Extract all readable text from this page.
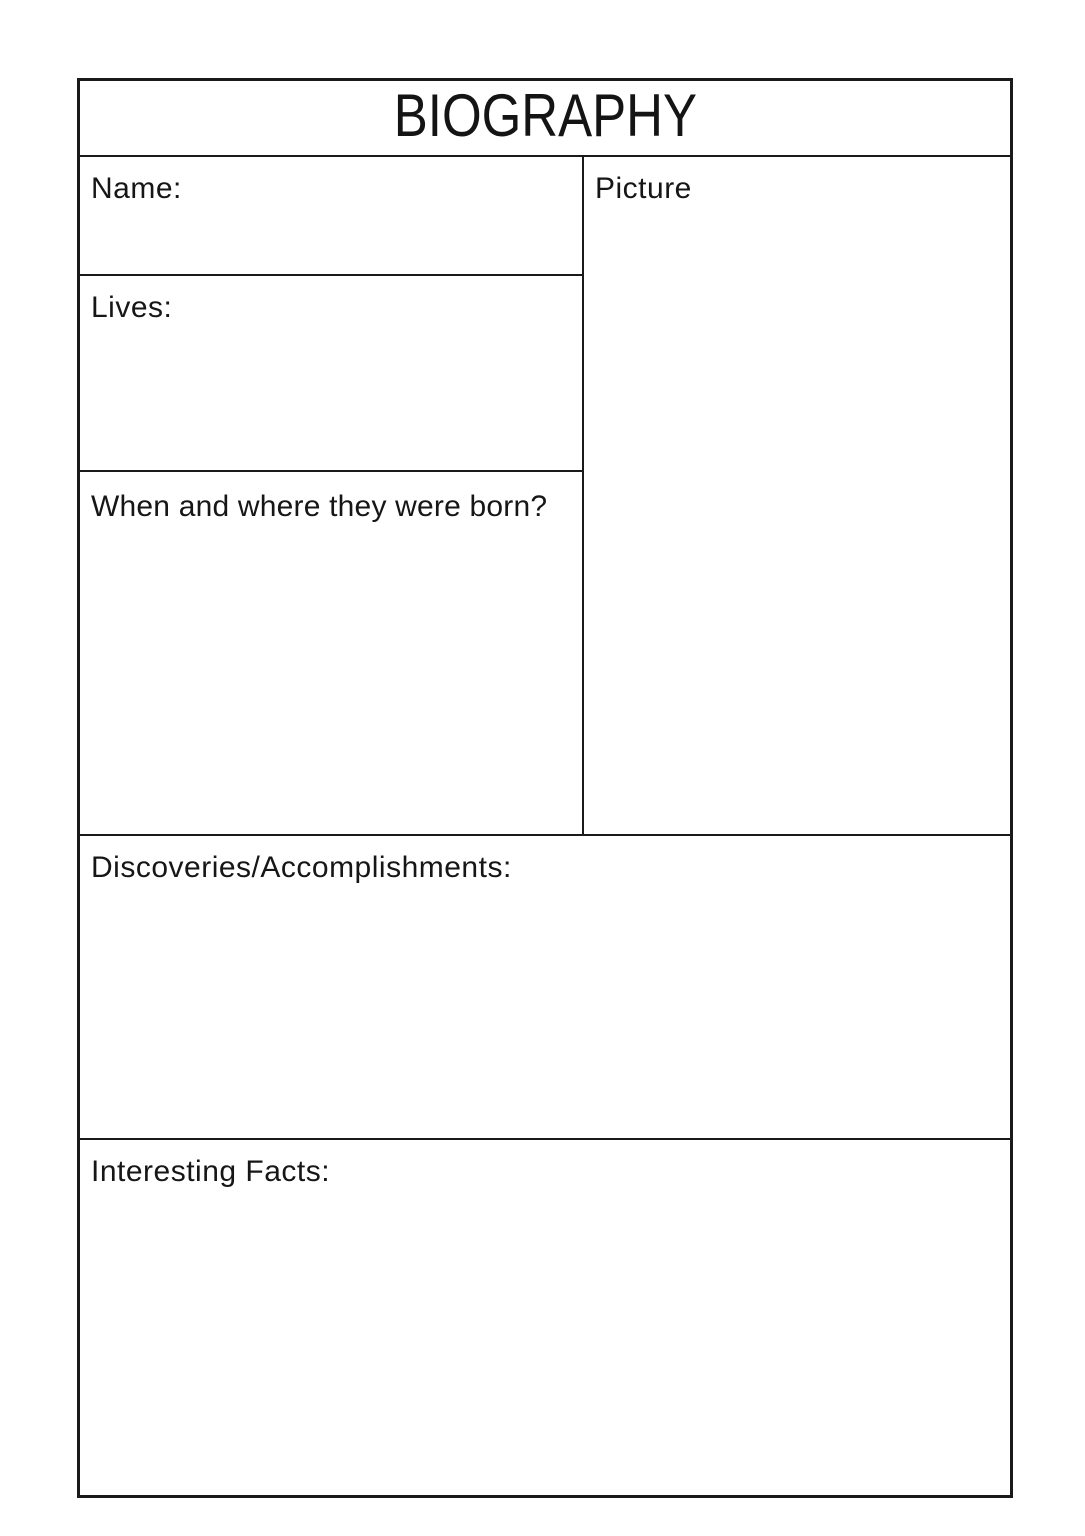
BIOGRAPHY
Name:
Lives:
When and where they were born?
Picture
Discoveries/Accomplishments:
Interesting Facts:
